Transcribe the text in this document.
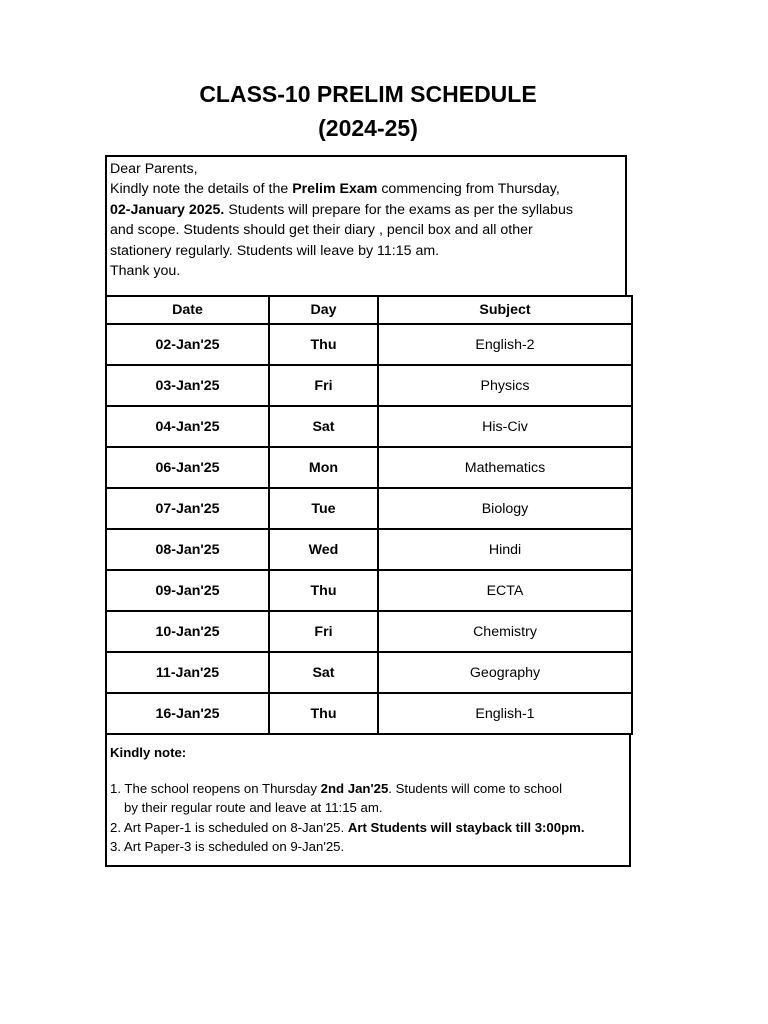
CLASS-10 PRELIM SCHEDULE
(2024-25)
Dear Parents,
Kindly note the details of the Prelim Exam commencing from Thursday,
02-January 2025. Students will prepare for the exams as per the syllabus
and scope. Students should get their diary , pencil box and all other
stationery regularly. Students will leave by 11:15 am.
Thank you.
Date	Day	Subject
02-Jan'25	Thu	English-2
03-Jan'25	Fri	Physics
04-Jan'25	Sat	His-Civ
06-Jan'25	Mon	Mathematics
07-Jan'25	Tue	Biology
08-Jan'25	Wed	Hindi
09-Jan'25	Thu	ECTA
10-Jan'25	Fri	Chemistry
11-Jan'25	Sat	Geography
16-Jan'25	Thu	English-1
Kindly note:
1. The school reopens on Thursday 2nd Jan'25. Students will come to school
by their regular route and leave at 11:15 am.
2. Art Paper-1 is scheduled on 8-Jan'25. Art Students will stayback till 3:00pm.
3. Art Paper-3 is scheduled on 9-Jan'25.
